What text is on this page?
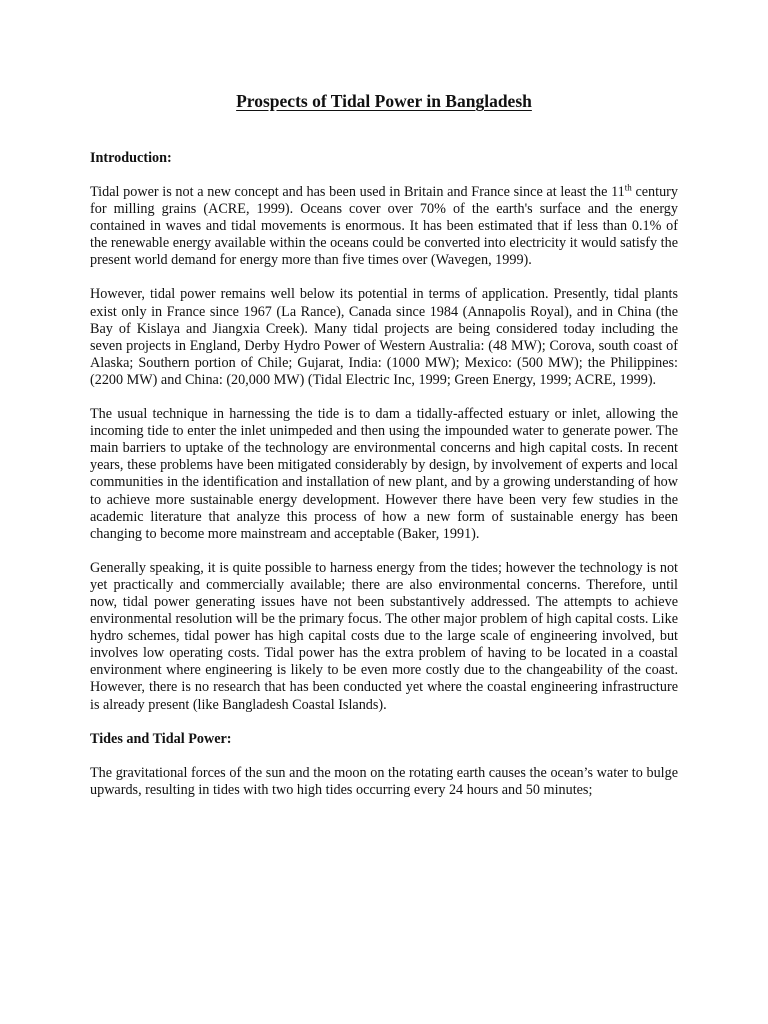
Prospects of Tidal Power in Bangladesh
Introduction:

Tidal power is not a new concept and has been used in Britain and France since at least the 11th century for milling grains (ACRE, 1999). Oceans cover over 70% of the earth's surface and the energy contained in waves and tidal movements is enormous. It has been estimated that if less than 0.1% of the renewable energy available within the oceans could be converted into electricity it would satisfy the present world demand for energy more than five times over (Wavegen, 1999).

However, tidal power remains well below its potential in terms of application. Presently, tidal plants exist only in France since 1967 (La Rance), Canada since 1984 (Annapolis Royal), and in China (the Bay of Kislaya and Jiangxia Creek). Many tidal projects are being considered today including the seven projects in England, Derby Hydro Power of Western Australia: (48 MW); Corova, south coast of Alaska; Southern portion of Chile; Gujarat, India: (1000 MW); Mexico: (500 MW); the Philippines: (2200 MW) and China: (20,000 MW) (Tidal Electric Inc, 1999; Green Energy, 1999; ACRE, 1999).

The usual technique in harnessing the tide is to dam a tidally-affected estuary or inlet, allowing the incoming tide to enter the inlet unimpeded and then using the impounded water to generate power. The main barriers to uptake of the technology are environmental concerns and high capital costs. In recent years, these problems have been mitigated considerably by design, by involvement of experts and local communities in the identification and installation of new plant, and by a growing understanding of how to achieve more sustainable energy development. However there have been very few studies in the academic literature that analyze this process of how a new form of sustainable energy has been changing to become more mainstream and acceptable (Baker, 1991).

Generally speaking, it is quite possible to harness energy from the tides; however the technology is not yet practically and commercially available; there are also environmental concerns. Therefore, until now, tidal power generating issues have not been substantively addressed. The attempts to achieve environmental resolution will be the primary focus. The other major problem of high capital costs. Like hydro schemes, tidal power has high capital costs due to the large scale of engineering involved, but involves low operating costs. Tidal power has the extra problem of having to be located in a coastal environment where engineering is likely to be even more costly due to the changeability of the coast. However, there is no research that has been conducted yet where the coastal engineering infrastructure is already present (like Bangladesh Coastal Islands).

Tides and Tidal Power:

The gravitational forces of the sun and the moon on the rotating earth causes the ocean’s water to bulge upwards, resulting in tides with two high tides occurring every 24 hours and 50 minutes;
